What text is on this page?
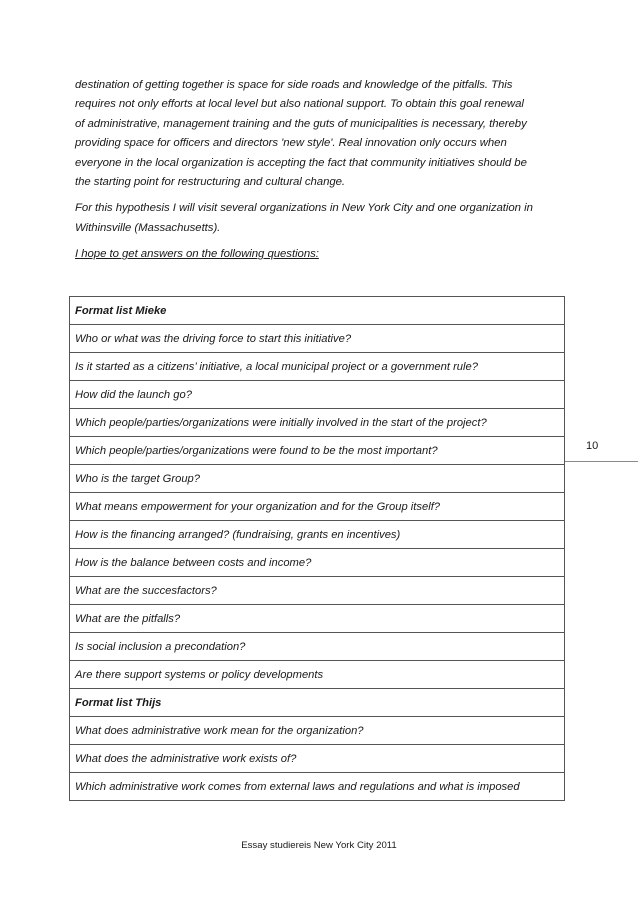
destination of getting together is space for side roads and knowledge of the pitfalls. This
requires not only efforts at local level but also national support. To obtain this goal renewal
of administrative, management training and the guts of municipalities is necessary, thereby
providing space for officers and directors 'new style'. Real innovation only occurs when
everyone in the local organization is accepting the fact that community initiatives should be
the starting point for restructuring and cultural change.

For this hypothesis I will visit several organizations in New York City and one organization in
Withinsville (Massachusetts).

I hope to get answers on the following questions:

Format list Mieke
Who or what was the driving force to start this initiative?
Is it started as a citizens’ initiative, a local municipal project or a government rule?
How did the launch go?
Which people/parties/organizations were initially involved in the start of the project?
Which people/parties/organizations were found to be the most important?
Who is the target Group?
What means empowerment for your organization and for the Group itself?
How is the financing arranged? (fundraising, grants en incentives)
How is the balance between costs and income?
What are the succesfactors?
What are the pitfalls?
Is social inclusion a precondation?
Are there support systems or policy developments
Format list Thijs
What does administrative work mean for the organization?
What does the administrative work exists of?
Which administrative work comes from external laws and regulations and what is imposed
10
Essay studiereis New York City 2011
